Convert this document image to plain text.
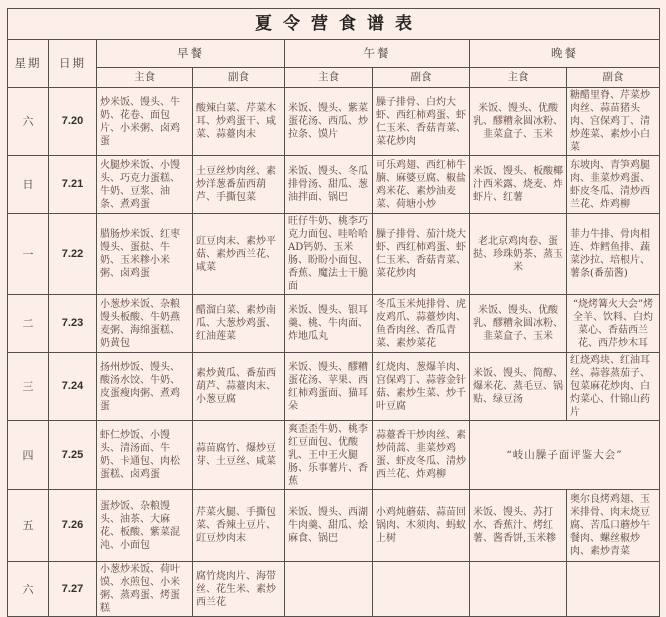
夏令营食谱表							
星期	日期	早餐		午餐		晚餐	
		主食	副食	主食	副食	主食	副食
六	7.20	炒米饭、馒头、牛奶、花卷、面包片、小米粥、卤鸡蛋	酸辣白菜、芹菜木耳、炒鸡蛋干、咸菜、蒜薹肉末	米饭、馒头、紫菜蛋花汤、西瓜、炒拉条、馍片	臊子排骨、白灼大虾、西红柿鸡蛋、虾仁玉米、香菇青菜、菜花炒肉	米饭、馒头、优酸乳、醪糟汆圆冰粉、韭菜盒子、玉米	糖醋里脊、芹菜炒肉丝、蒜苗猪头肉、宫保鸡丁、清炒莲菜、素炒小白菜
日	7.21	火腿炒米饭、小馒头、巧克力蛋糕、牛奶、豆浆、油条、煮鸡蛋	土豆丝炒肉丝、素炒洋葱番茄西葫芦、手撕包菜	米饭、馒头、冬瓜排骨汤、甜瓜、葱油拌面、锅巴	可乐鸡翅、西红柿牛腩、麻婆豆腐、椒盐鸡米花、素炒油麦菜、荷塘小炒	米饭、馒头、板酸椰汁西米露、烧麦、炸虾片、红薯	东坡肉、青笋鸡腿肉、韭菜炒鸡蛋、虾皮冬瓜、清炒西兰花、炸鸡柳
一	7.22	腊肠炒米饭、红枣馒头、蛋挞、牛奶、玉米糁小米粥、卤鸡蛋	豇豆肉末、素炒平菇、素炒西兰花、咸菜	旺仔牛奶、桃李巧克力面包、哇哈哈AD钙奶、玉米肠、盼盼小面包、香蕉、魔法士干脆面	臊子排骨、茄汁烧大虾、西红柿鸡蛋、虾仁玉米、香菇青菜、菜花炒肉	老北京鸡肉卷、蛋挞、珍珠奶茶、蒸玉米	菲力牛排、骨肉相连、炸鳕鱼排、蔬菜沙拉、培根片、薯条(番茄酱)
二	7.23	小葱炒米饭、杂粮馒头板酸、牛奶燕麦粥、海绵蛋糕、奶黄包	醋溜白菜、素炒南瓜、大葱炒鸡蛋、红油莲菜	米饭、馒头、银耳羹、桃、牛肉面、炸地瓜丸	冬瓜玉米炖排骨、虎皮鸡爪、蒜薹炒肉、鱼香肉丝、香瓜青菜、素炒菜花	米饭、馒头、优酸乳、醪糟汆圆冰粉、韭菜盒子、玉米	“烧烤篝火大会”烤全羊、饮料、白灼菜心、香菇西兰花、西芹炒木耳
三	7.24	扬州炒饭、馒头、酸汤水饺、牛奶、皮蛋瘦肉粥、煮鸡蛋	素炒黄瓜、番茄西葫芦、蒜薹肉末、小葱豆腐	米饭、馒头、醪糟蛋花汤、苹果、西红柿鸡蛋面、猫耳朵	红烧肉、葱爆羊肉、宫保鸡丁、蒜蓉金针菇、素炒生菜、炒千叶豆腐	米饭、馒头、简醇、爆米花、蒸毛豆、锅贴、绿豆汤	红烧鸡块、红油耳丝、蒜蓉蒸茄子、包菜麻花炒肉、白灼菜心、什锦山药片
四	7.25	虾仁炒饭、小馒头、清汤面、牛奶、卡通包、肉松蛋糕、卤鸡蛋	蒜苗腐竹、爆炒豆芽、土豆丝、咸菜	爽歪歪牛奶、桃李红豆面包、优酸乳、王中王火腿肠、乐事薯片、香蕉	蒜薹香干炒肉丝、素炒茼蒿、韭菜炒鸡蛋、虾皮冬瓜、清炒西兰花、炸鸡柳	“岐山臊子面评鉴大会”	
五	7.26	蛋炒饭、杂粮馒头、油茶、大麻花、板酸、紫菜混沌、小面包	芹菜火腿、手撕包菜、香辣土豆片、豇豆炒肉末	米饭、馒头、西湖牛肉羹、甜瓜、烩麻食、锅巴	小鸡炖蘑菇、蒜苗回锅肉、木须肉、蚂蚁上树	米饭、馒头、苏打水、香蕉汁、烤红薯、酱香饼,玉米糁	奥尔良烤鸡翅、玉米排骨、肉末烧豆腐、苦瓜口蘑炒午餐肉、螺丝椒炒肉、素炒青菜
六	7.27	小葱炒米饭、荷叶馍、水煎包、小米粥、蒸鸡蛋、烤蛋糕	腐竹烧肉片、海带丝、花生米、素炒西兰花				
